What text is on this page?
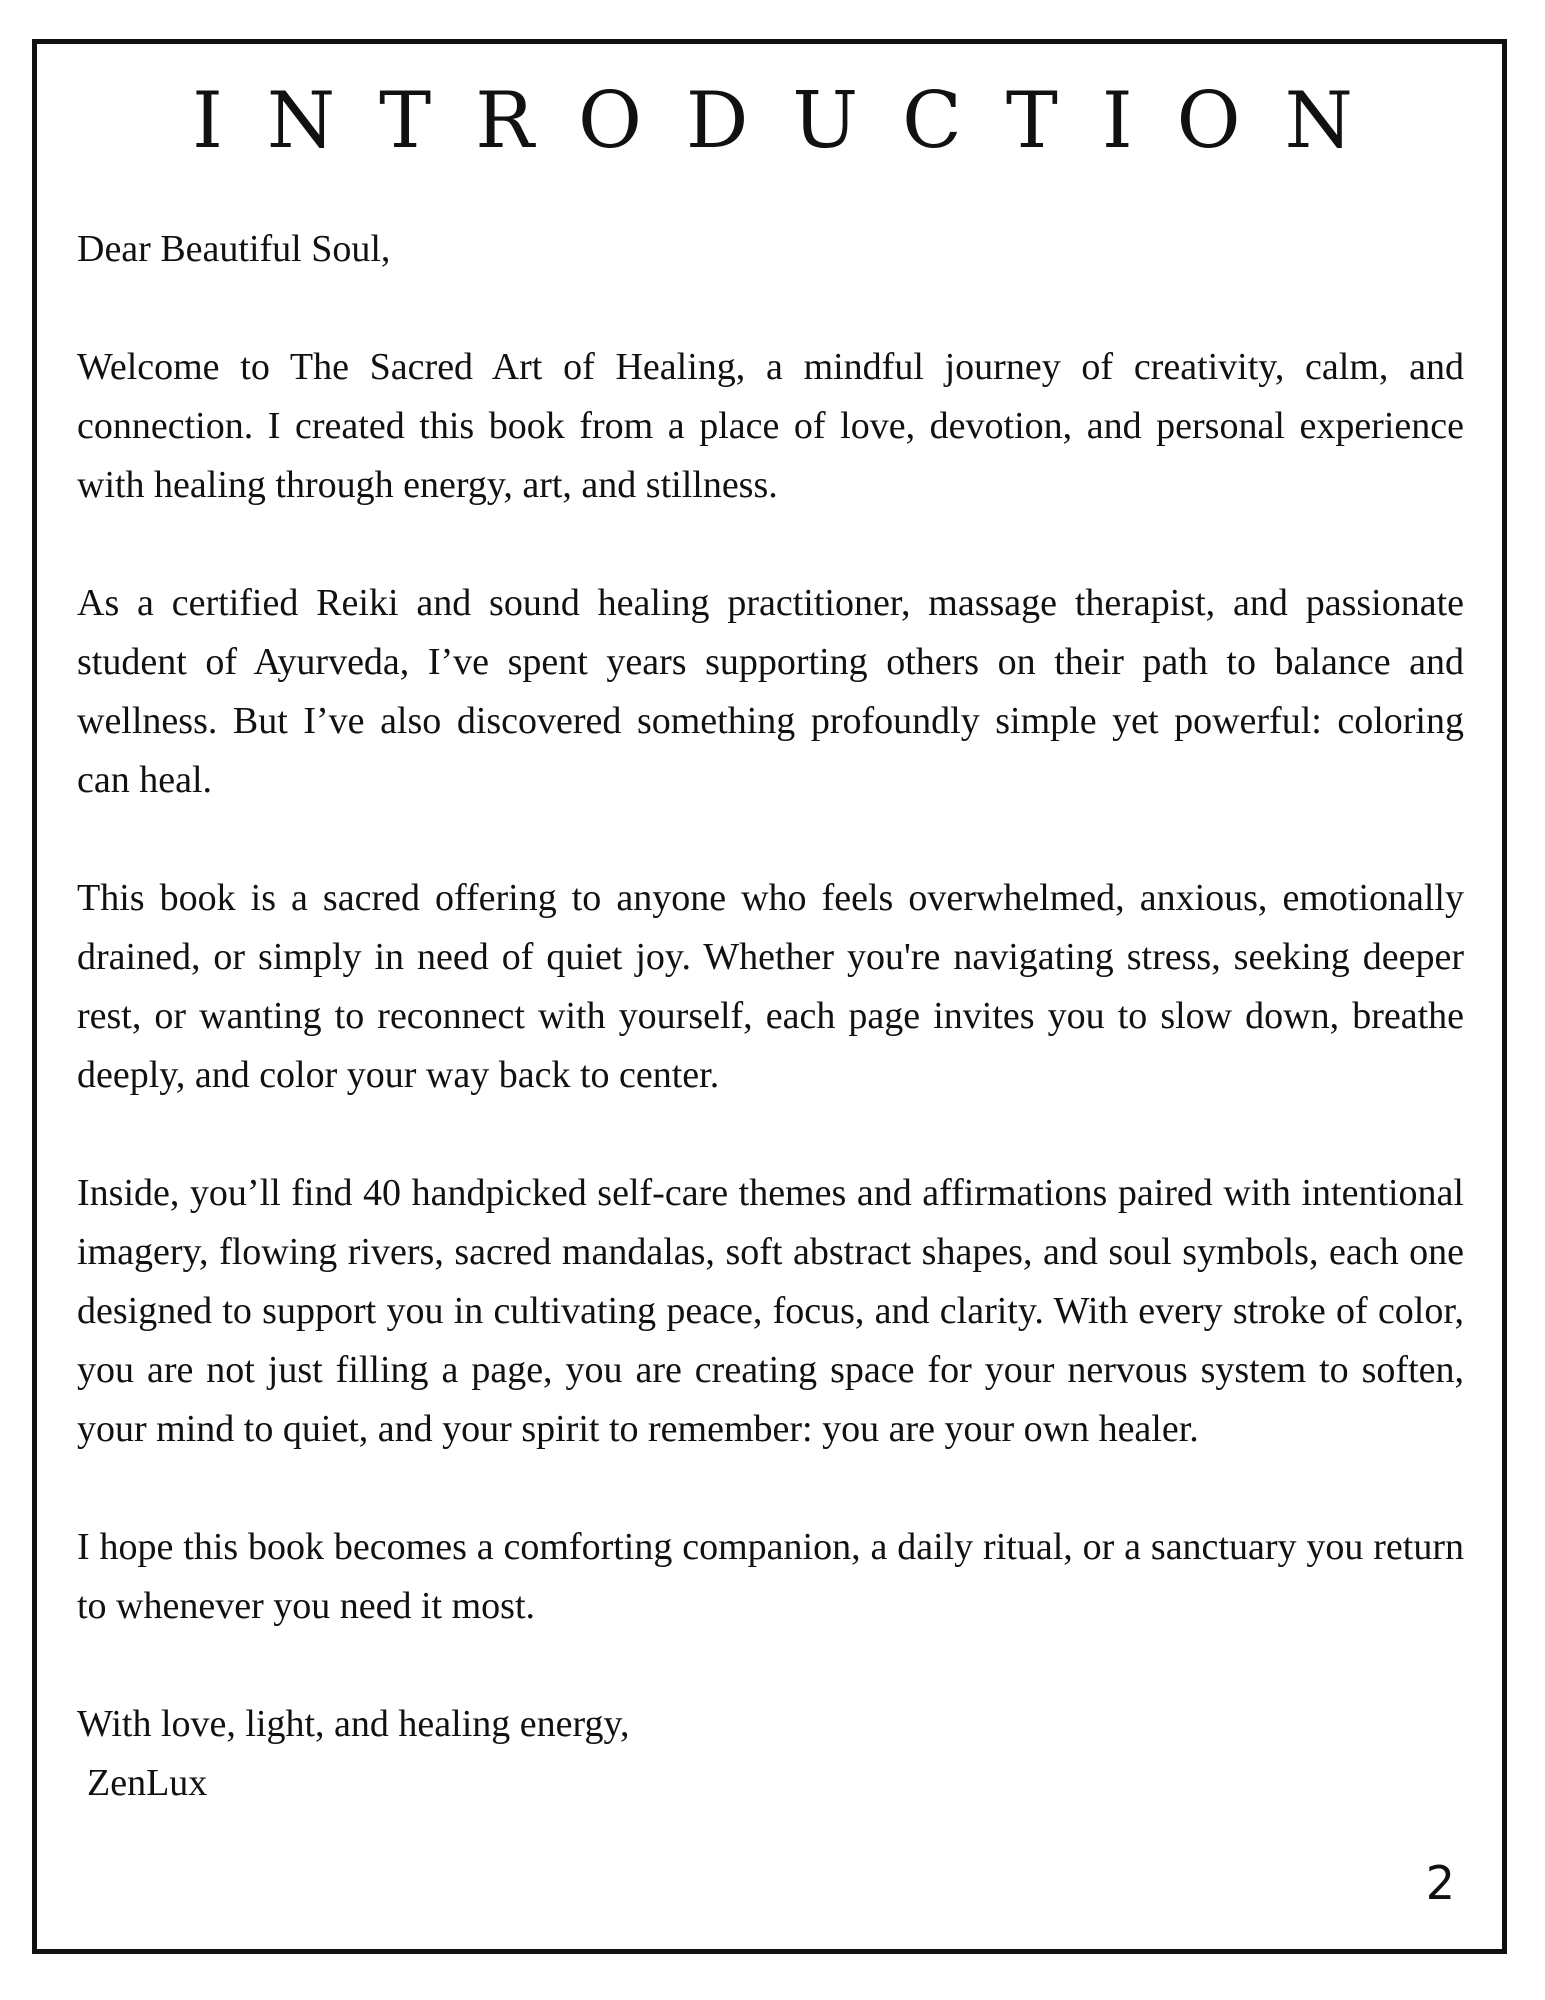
INTRODUCTION
Dear Beautiful Soul,

Welcome to The Sacred Art of Healing, a mindful journey of creativity, calm, and connection. I created this book from a place of love, devotion, and personal experience with healing through energy, art, and stillness.

As a certified Reiki and sound healing practitioner, massage therapist, and passionate student of Ayurveda, I’ve spent years supporting others on their path to balance and wellness. But I’ve also discovered something profoundly simple yet powerful: coloring can heal.

This book is a sacred offering to anyone who feels overwhelmed, anxious, emotionally drained, or simply in need of quiet joy. Whether you're navigating stress, seeking deeper rest, or wanting to reconnect with yourself, each page invites you to slow down, breathe deeply, and color your way back to center.

Inside, you’ll find 40 handpicked self-care themes and affirmations paired with intentional imagery, flowing rivers, sacred mandalas, soft abstract shapes, and soul symbols, each one designed to support you in cultivating peace, focus, and clarity. With every stroke of color, you are not just filling a page, you are creating space for your nervous system to soften, your mind to quiet, and your spirit to remember: you are your own healer.

I hope this book becomes a comforting companion, a daily ritual, or a sanctuary you return to whenever you need it most.

With love, light, and healing energy,
ZenLux
2
